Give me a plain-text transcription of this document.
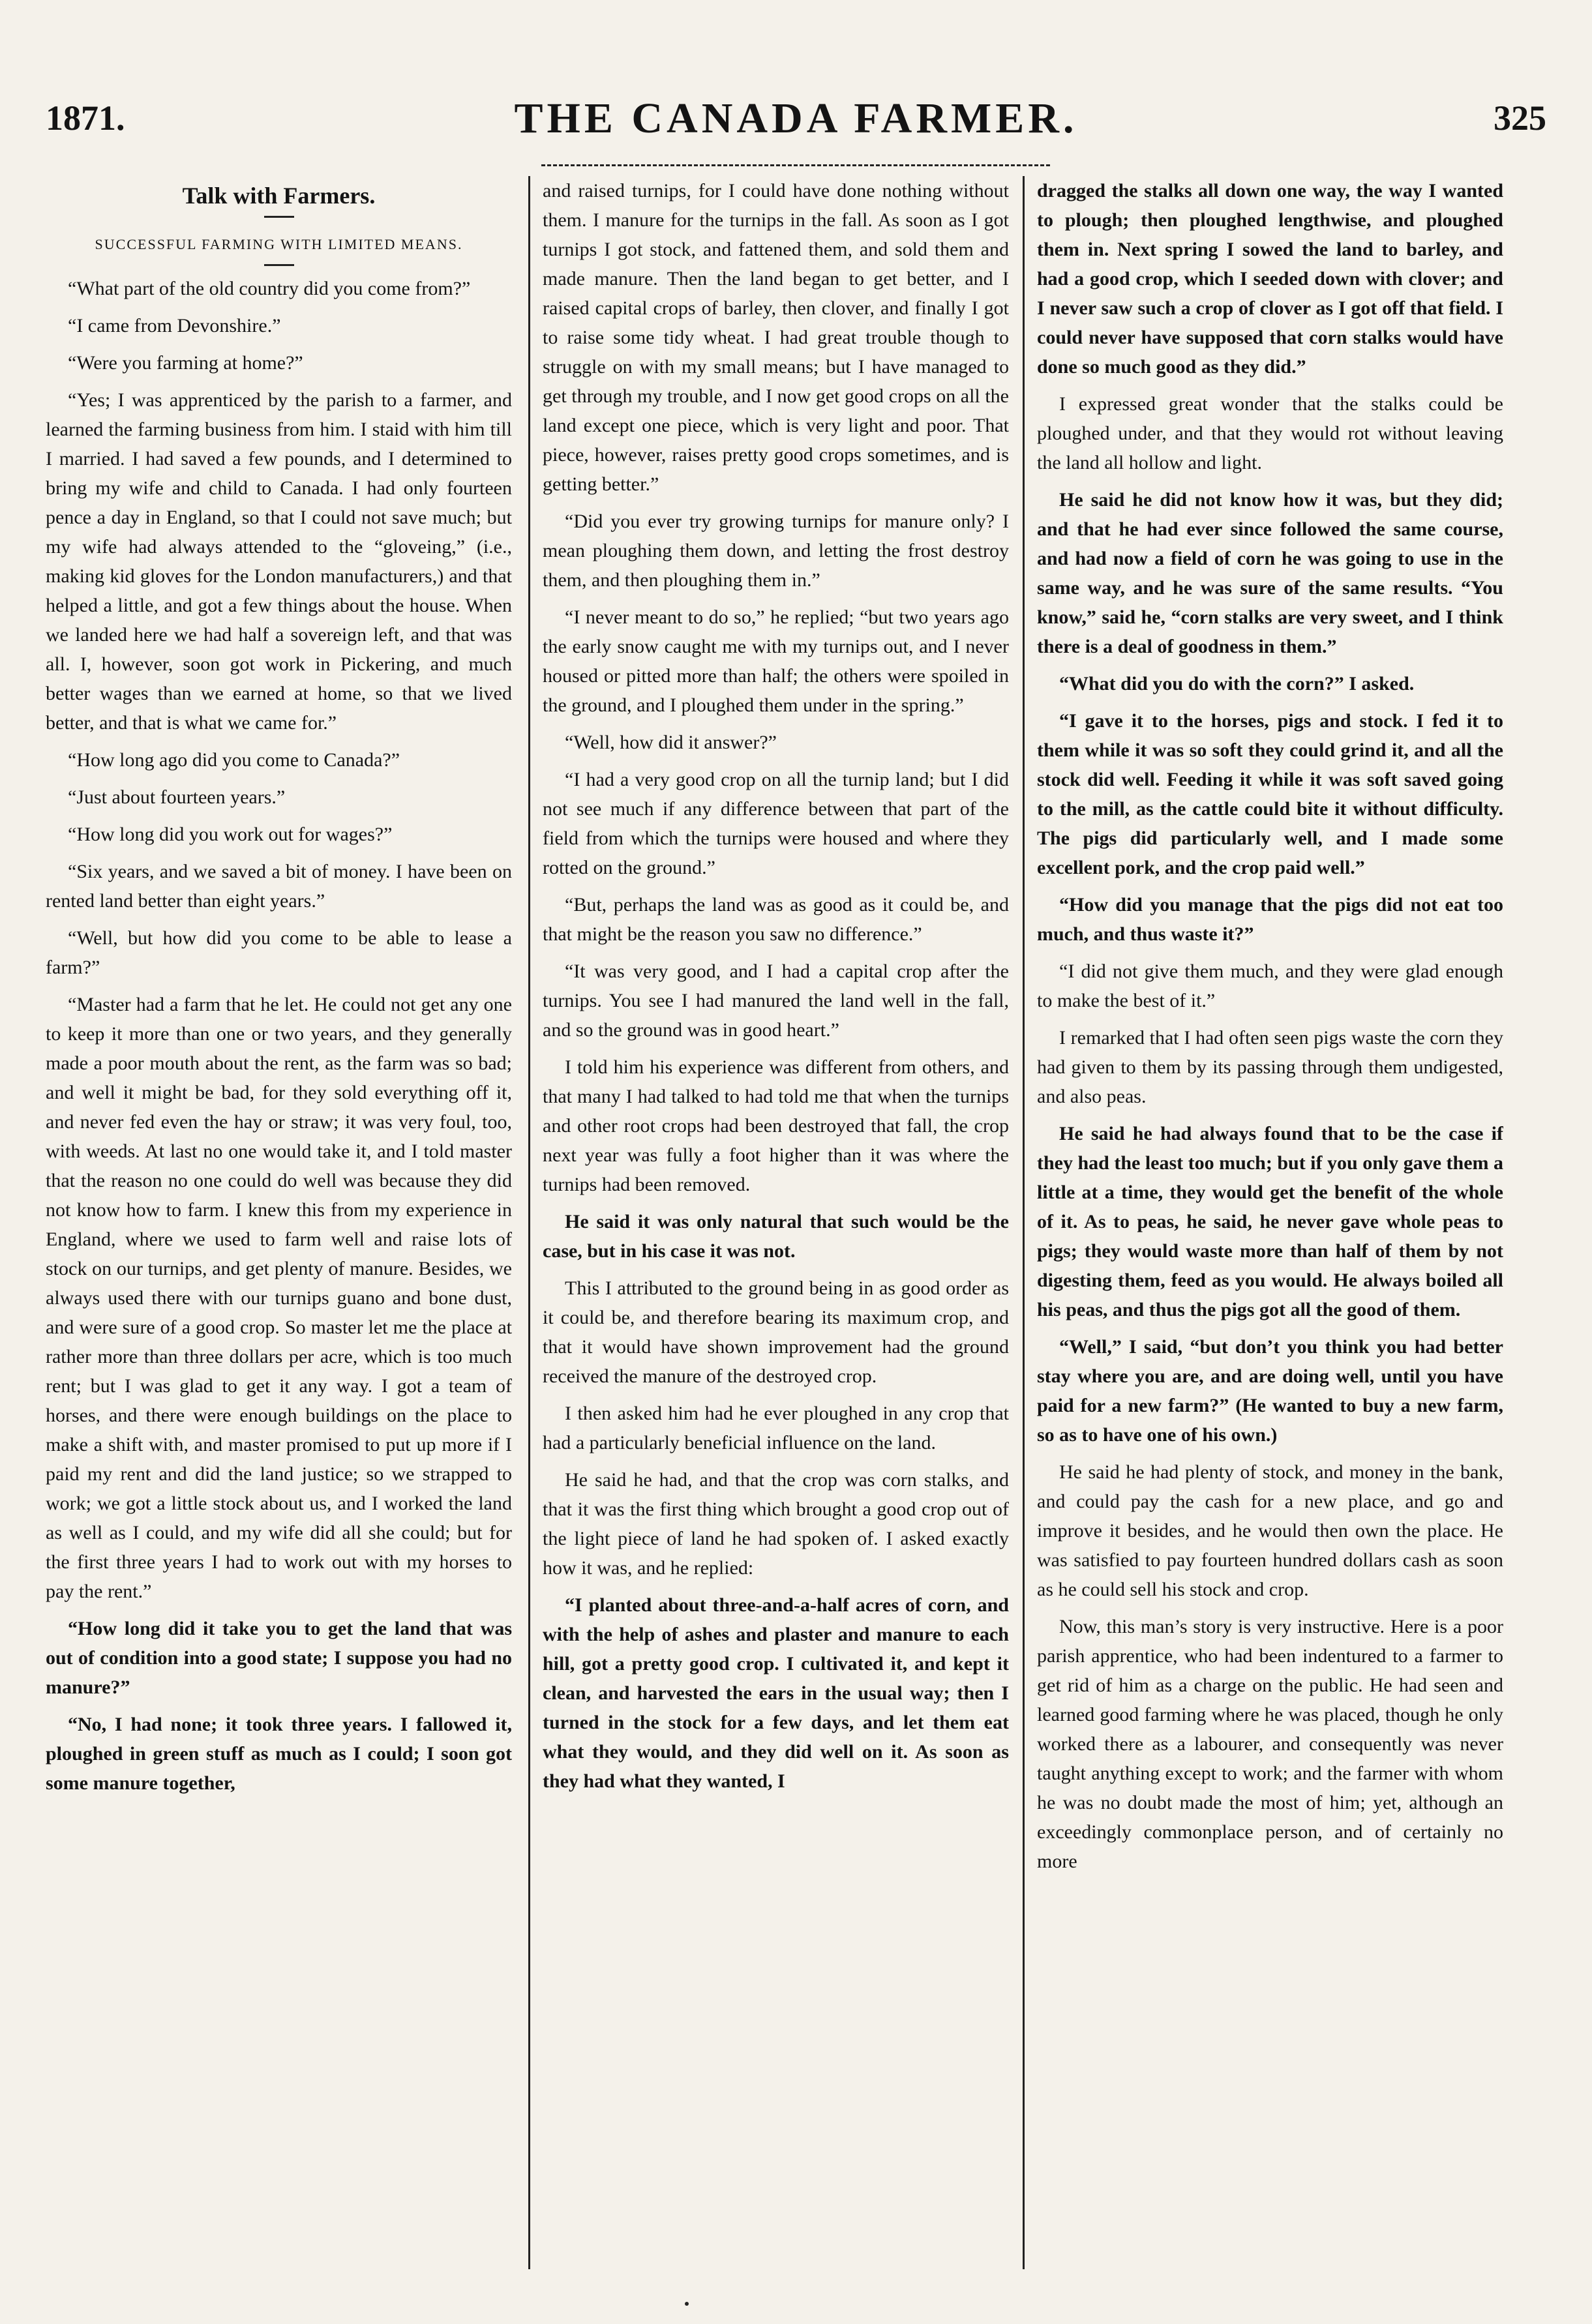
1871.	THE CANADA FARMER.	325
Talk with Farmers.
SUCCESSFUL FARMING WITH LIMITED MEANS.

“What part of the old country did you come from?”

“I came from Devonshire.”

“Were you farming at home?”

“Yes; I was apprenticed by the parish to a farmer, and learned the farming business from him. I staid with him till I married. I had saved a few pounds, and I determined to bring my wife and child to Canada. I had only fourteen pence a day in England, so that I could not save much; but my wife had always attended to the “gloveing,” (i.e., making kid gloves for the London manufacturers,) and that helped a little, and got a few things about the house. When we landed here we had half a sovereign left, and that was all. I, however, soon got work in Pickering, and much better wages than we earned at home, so that we lived better, and that is what we came for.”

“How long ago did you come to Canada?”

“Just about fourteen years.”

“How long did you work out for wages?”

“Six years, and we saved a bit of money. I have been on rented land better than eight years.”

“Well, but how did you come to be able to lease a farm?”

“Master had a farm that he let. He could not get any one to keep it more than one or two years, and they generally made a poor mouth about the rent, as the farm was so bad; and well it might be bad, for they sold everything off it, and never fed even the hay or straw; it was very foul, too, with weeds. At last no one would take it, and I told master that the reason no one could do well was because they did not know how to farm. I knew this from my experience in England, where we used to farm well and raise lots of stock on our turnips, and get plenty of manure. Besides, we always used there with our turnips guano and bone dust, and were sure of a good crop. So master let me the place at rather more than three dollars per acre, which is too much rent; but I was glad to get it any way. I got a team of horses, and there were enough buildings on the place to make a shift with, and master promised to put up more if I paid my rent and did the land justice; so we strapped to work; we got a little stock about us, and I worked the land as well as I could, and my wife did all she could; but for the first three years I had to work out with my horses to pay the rent.”

“How long did it take you to get the land that was out of condition into a good state; I suppose you had no manure?”

“No, I had none; it took three years. I fallowed it, ploughed in green stuff as much as I could; I soon got some manure together,

and raised turnips, for I could have done nothing without them. I manure for the turnips in the fall. As soon as I got turnips I got stock, and fattened them, and sold them and made manure. Then the land began to get better, and I raised capital crops of barley, then clover, and finally I got to raise some tidy wheat. I had great trouble though to struggle on with my small means; but I have managed to get through my trouble, and I now get good crops on all the land except one piece, which is very light and poor. That piece, however, raises pretty good crops sometimes, and is getting better.”

“Did you ever try growing turnips for manure only? I mean ploughing them down, and letting the frost destroy them, and then ploughing them in.”

“I never meant to do so,” he replied; “but two years ago the early snow caught me with my turnips out, and I never housed or pitted more than half; the others were spoiled in the ground, and I ploughed them under in the spring.”

“Well, how did it answer?”

“I had a very good crop on all the turnip land; but I did not see much if any difference between that part of the field from which the turnips were housed and where they rotted on the ground.”

“But, perhaps the land was as good as it could be, and that might be the reason you saw no difference.”

“It was very good, and I had a capital crop after the turnips. You see I had manured the land well in the fall, and so the ground was in good heart.”

I told him his experience was different from others, and that many I had talked to had told me that when the turnips and other root crops had been destroyed that fall, the crop next year was fully a foot higher than it was where the turnips had been removed.

He said it was only natural that such would be the case, but in his case it was not.

This I attributed to the ground being in as good order as it could be, and therefore bearing its maximum crop, and that it would have shown improvement had the ground received the manure of the destroyed crop.

I then asked him had he ever ploughed in any crop that had a particularly beneficial influence on the land.

He said he had, and that the crop was corn stalks, and that it was the first thing which brought a good crop out of the light piece of land he had spoken of. I asked exactly how it was, and he replied:

“I planted about three-and-a-half acres of corn, and with the help of ashes and plaster and manure to each hill, got a pretty good crop. I cultivated it, and kept it clean, and harvested the ears in the usual way; then I turned in the stock for a few days, and let them eat what they would, and they did well on it. As soon as they had what they wanted, I

dragged the stalks all down one way, the way I wanted to plough; then ploughed lengthwise, and ploughed them in. Next spring I sowed the land to barley, and had a good crop, which I seeded down with clover; and I never saw such a crop of clover as I got off that field. I could never have supposed that corn stalks would have done so much good as they did.”

I expressed great wonder that the stalks could be ploughed under, and that they would rot without leaving the land all hollow and light.

He said he did not know how it was, but they did; and that he had ever since followed the same course, and had now a field of corn he was going to use in the same way, and he was sure of the same results. “You know,” said he, “corn stalks are very sweet, and I think there is a deal of goodness in them.”

“What did you do with the corn?” I asked.

“I gave it to the horses, pigs and stock. I fed it to them while it was so soft they could grind it, and all the stock did well. Feeding it while it was soft saved going to the mill, as the cattle could bite it without difficulty. The pigs did particularly well, and I made some excellent pork, and the crop paid well.”

“How did you manage that the pigs did not eat too much, and thus waste it?”

“I did not give them much, and they were glad enough to make the best of it.”

I remarked that I had often seen pigs waste the corn they had given to them by its passing through them undigested, and also peas.

He said he had always found that to be the case if they had the least too much; but if you only gave them a little at a time, they would get the benefit of the whole of it. As to peas, he said, he never gave whole peas to pigs; they would waste more than half of them by not digesting them, feed as you would. He always boiled all his peas, and thus the pigs got all the good of them.

“Well,” I said, “but don’t you think you had better stay where you are, and are doing well, until you have paid for a new farm?” (He wanted to buy a new farm, so as to have one of his own.)

He said he had plenty of stock, and money in the bank, and could pay the cash for a new place, and go and improve it besides, and he would then own the place. He was satisfied to pay fourteen hundred dollars cash as soon as he could sell his stock and crop.

Now, this man’s story is very instructive. Here is a poor parish apprentice, who had been indentured to a farmer to get rid of him as a charge on the public. He had seen and learned good farming where he was placed, though he only worked there as a labourer, and consequently was never taught anything except to work; and the farmer with whom he was no doubt made the most of him; yet, although an exceedingly commonplace person, and of certainly no more
